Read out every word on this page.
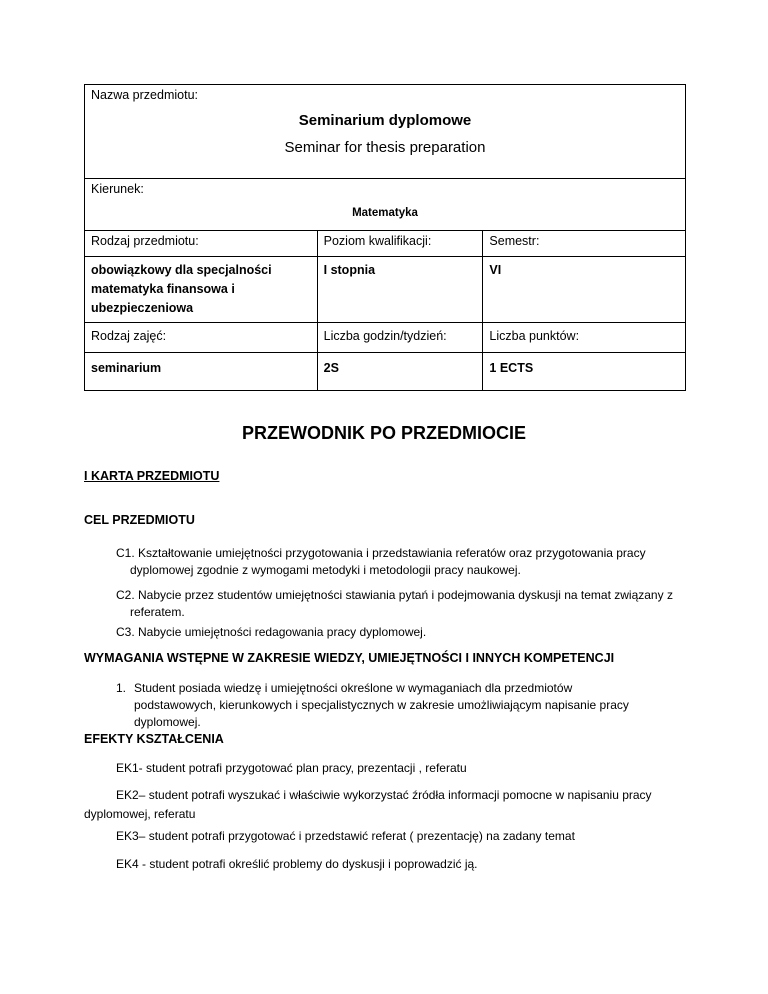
Nazwa przedmiotu:
Seminarium dyplomowe
Seminar for thesis preparation		

Kierunek:
Matematyka		

Rodzaj przedmiotu:	Poziom kwalifikacji:	Semestr:
obowiązkowy dla specjalności matematyka finansowa i ubezpieczeniowa	I stopnia	VI
Rodzaj zajęć:	Liczba godzin/tydzień:	Liczba punktów:
seminarium	2S	1 ECTS
PRZEWODNIK PO PRZEDMIOCIE
I KARTA PRZEDMIOTU
CEL PRZEDMIOTU
C1. Kształtowanie umiejętności przygotowania i przedstawiania referatów oraz przygotowania pracy dyplomowej zgodnie z wymogami metodyki i metodologii pracy naukowej.
C2. Nabycie przez studentów umiejętności stawiania pytań i podejmowania dyskusji na temat związany z referatem.
C3. Nabycie umiejętności redagowania pracy dyplomowej.
WYMAGANIA WSTĘPNE W ZAKRESIE WIEDZY, UMIEJĘTNOŚCI I INNYCH KOMPETENCJI
1. Student posiada wiedzę i umiejętności określone w wymaganiach dla przedmiotów podstawowych, kierunkowych i specjalistycznych w zakresie umożliwiającym napisanie pracy dyplomowej.
EFEKTY KSZTAŁCENIA
EK1- student potrafi przygotować plan pracy, prezentacji , referatu
EK2– student potrafi wyszukać i właściwie wykorzystać źródła informacji pomocne w napisaniu pracy dyplomowej, referatu
EK3– student potrafi przygotować i przedstawić referat ( prezentację) na zadany temat
EK4 - student potrafi określić problemy do dyskusji i poprowadzić ją.
